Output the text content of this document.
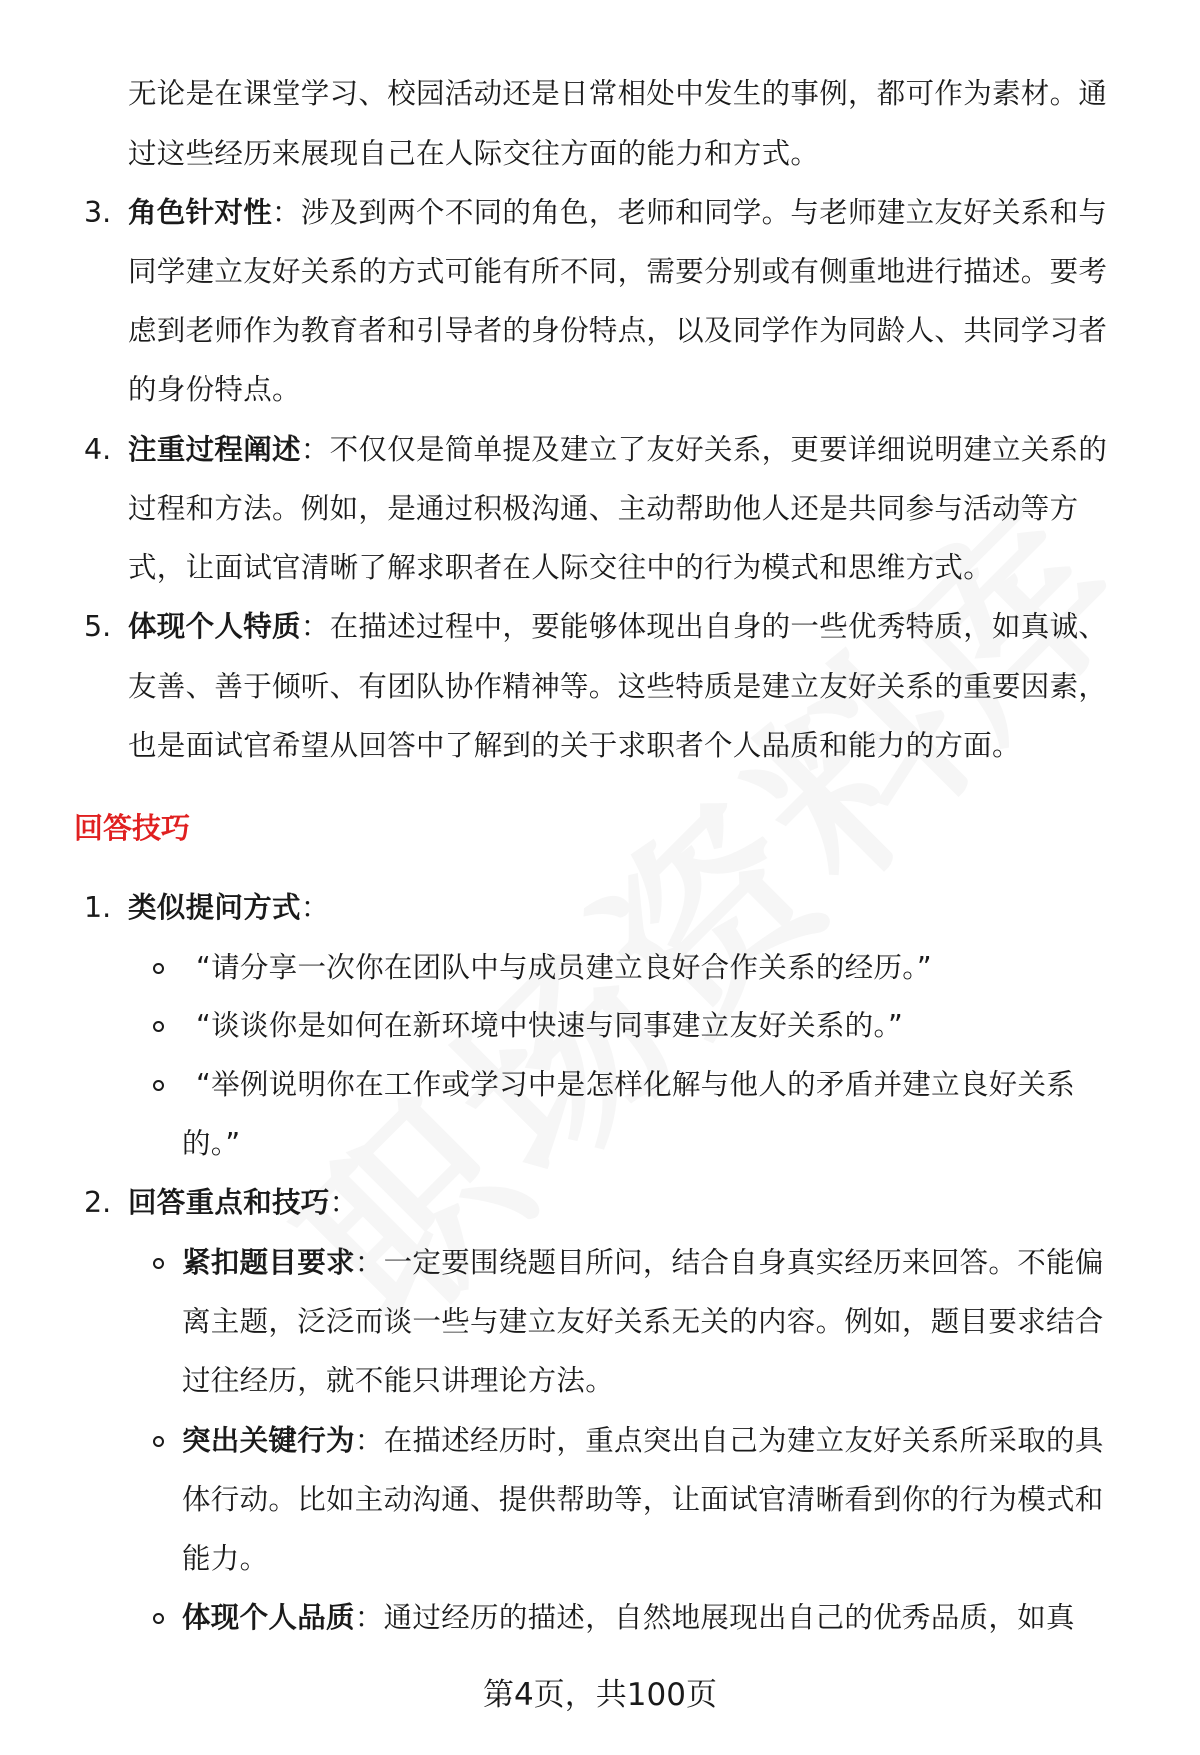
无论是在课堂学习、校园活动还是日常相处中发生的事例，都可作为素材。通
过这些经历来展现自己在人际交往方面的能力和方式。
3. 角色针对性：涉及到两个不同的角色，老师和同学。与老师建立友好关系和与
同学建立友好关系的方式可能有所不同，需要分别或有侧重地进行描述。要考
虑到老师作为教育者和引导者的身份特点，以及同学作为同龄人、共同学习者
的身份特点。
4. 注重过程阐述：不仅仅是简单提及建立了友好关系，更要详细说明建立关系的
过程和方法。例如，是通过积极沟通、主动帮助他人还是共同参与活动等方
式，让面试官清晰了解求职者在人际交往中的行为模式和思维方式。
5. 体现个人特质：在描述过程中，要能够体现出自身的一些优秀特质，如真诚、
友善、善于倾听、有团队协作精神等。这些特质是建立友好关系的重要因素，
也是面试官希望从回答中了解到的关于求职者个人品质和能力的方面。
回答技巧
1. 类似提问方式：
“请分享一次你在团队中与成员建立良好合作关系的经历。”
“谈谈你是如何在新环境中快速与同事建立友好关系的。”
“举例说明你在工作或学习中是怎样化解与他人的矛盾并建立良好关系
的。”
2. 回答重点和技巧：
紧扣题目要求：一定要围绕题目所问，结合自身真实经历来回答。不能偏
离主题，泛泛而谈一些与建立友好关系无关的内容。例如，题目要求结合
过往经历，就不能只讲理论方法。
突出关键行为：在描述经历时，重点突出自己为建立友好关系所采取的具
体行动。比如主动沟通、提供帮助等，让面试官清晰看到你的行为模式和
能力。
体现个人品质：通过经历的描述，自然地展现出自己的优秀品质，如真
第4页，共100页
